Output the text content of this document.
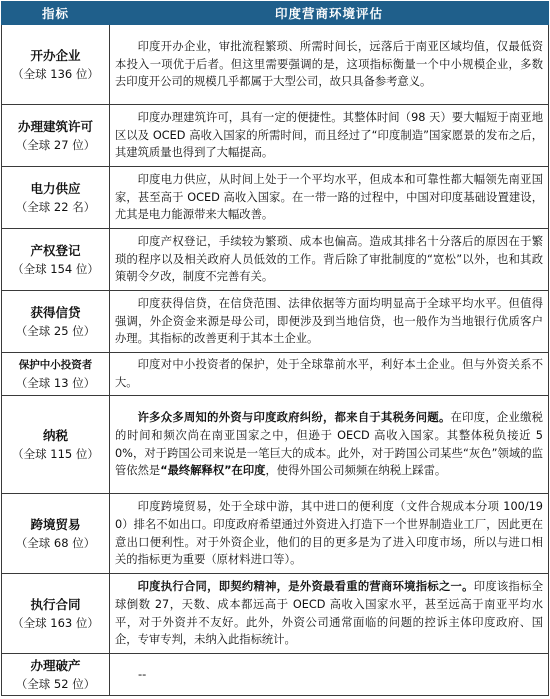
指标	印度营商环境评估

开办企业
（全球 136 位）	印度开办企业，审批流程繁琐、所需时间长，远落后于南亚区域均值，仅最低资本投入一项优于后者。但这里需要强调的是，这项指标衡量一个中小规模企业，多数去印度开公司的规模几乎都属于大型公司，故只具备参考意义。

办理建筑许可
（全球 27 位）	印度办理建筑许可，具有一定的便捷性。其整体时间（98 天）要大幅短于南亚地区以及 OCED 高收入国家的所需时间，而且经过了“印度制造”国家愿景的发布之后，其建筑质量也得到了大幅提高。

电力供应
（全球 22 名）	印度电力供应，从时间上处于一个平均水平，但成本和可靠性都大幅领先南亚国家，甚至高于 OCED 高收入国家。在一带一路的过程中，中国对印度基础设置建设，尤其是电力能源带来大幅改善。

产权登记
（全球 154 位）	印度产权登记，手续较为繁琐、成本也偏高。造成其排名十分落后的原因在于繁琐的程序以及相关政府人员低效的工作。背后除了审批制度的“宽松”以外，也和其政策朝令夕改，制度不完善有关。

获得信贷
（全球 25 位）	印度获得信贷，在信贷范围、法律依据等方面均明显高于全球平均水平。但值得强调，外企资金来源是母公司，即便涉及到当地信贷，也一般作为当地银行优质客户办理。其指标的改善更利于其本土企业。

保护中小投资者
（全球 13 位）	印度对中小投资者的保护，处于全球靠前水平，利好本土企业。但与外资关系不大。

纳税
（全球 115 位）	许多众多周知的外资与印度政府纠纷，都来自于其税务问题。在印度，企业缴税的时间和频次尚在南亚国家之中，但逊于 OECD 高收入国家。其整体税负接近 50%，对于跨国公司来说是一笔巨大的成本。此外，对于跨国公司某些“灰色”领域的监管依然是“最终解释权”在印度，使得外国公司频频在纳税上踩雷。

跨境贸易
（全球 68 位）	印度跨境贸易，处于全球中游，其中进口的便利度（文件合规成本分项 100/190）排名不如出口。印度政府希望通过外资进入打造下一个世界制造业工厂，因此更在意出口便利性。对于外资企业，他们的目的更多是为了进入印度市场，所以与进口相关的指标更为重要（原材料进口等）。

执行合同
（全球 163 位）	印度执行合同，即契约精神，是外资最看重的营商环境指标之一。印度该指标全球倒数 27，天数、成本都远高于 OECD 高收入国家水平，甚至远高于南亚平均水平，对于外资并不友好。此外，外资公司通常面临的问题的控诉主体印度政府、国企，专审专判，未纳入此指标统计。

办理破产
（全球 52 位）	--
